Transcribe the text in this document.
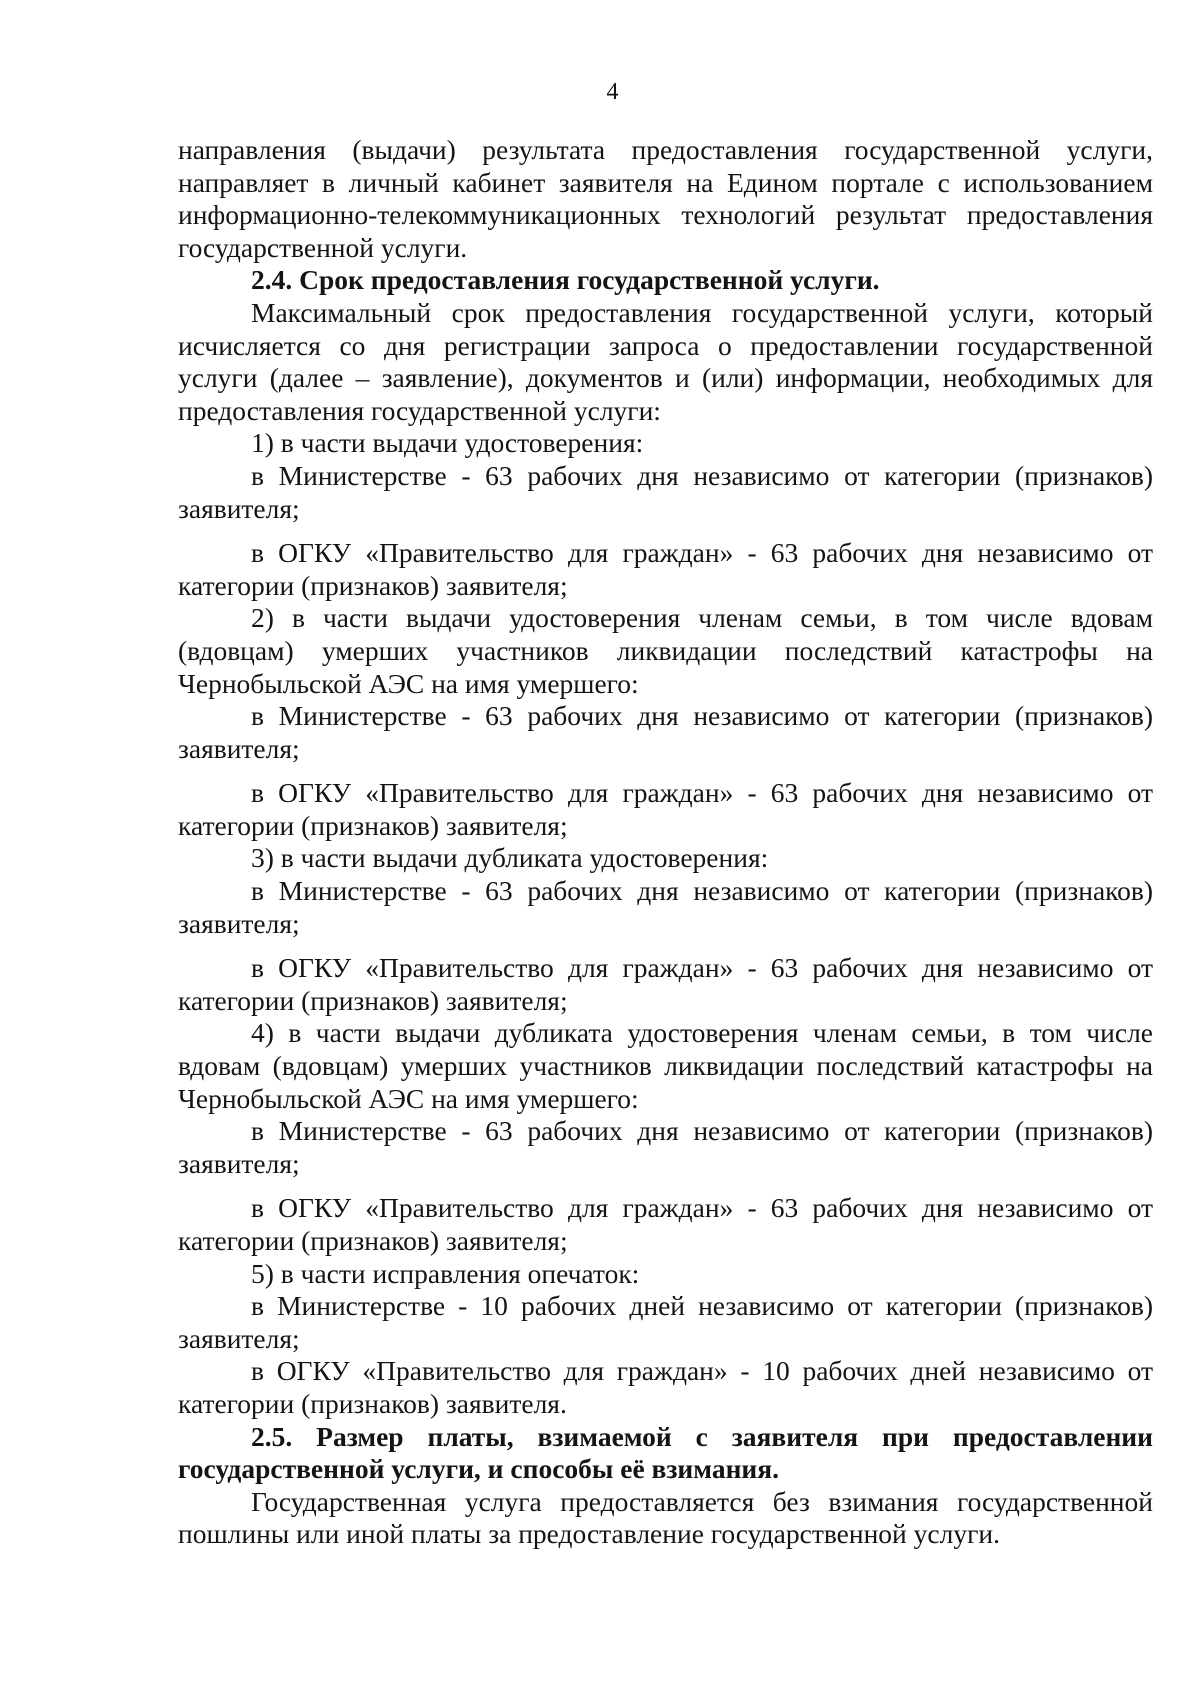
4

направления (выдачи) результата предоставления государственной услуги, направляет в личный кабинет заявителя на Едином портале с использованием информационно-телекоммуникационных технологий результат предоставления государственной услуги.

2.4. Срок предоставления государственной услуги.

Максимальный срок предоставления государственной услуги, который исчисляется со дня регистрации запроса о предоставлении государственной услуги (далее – заявление), документов и (или) информации, необходимых для предоставления государственной услуги:

1) в части выдачи удостоверения:

в Министерстве - 63 рабочих дня независимо от категории (признаков) заявителя;

в ОГКУ «Правительство для граждан» - 63 рабочих дня независимо от категории (признаков) заявителя;

2) в части выдачи удостоверения членам семьи, в том числе вдовам (вдовцам) умерших участников ликвидации последствий катастрофы на Чернобыльской АЭС на имя умершего:

в Министерстве - 63 рабочих дня независимо от категории (признаков) заявителя;

в ОГКУ «Правительство для граждан» - 63 рабочих дня независимо от категории (признаков) заявителя;

3) в части выдачи дубликата удостоверения:

в Министерстве - 63 рабочих дня независимо от категории (признаков) заявителя;

в ОГКУ «Правительство для граждан» - 63 рабочих дня независимо от категории (признаков) заявителя;

4) в части выдачи дубликата удостоверения членам семьи, в том числе вдовам (вдовцам) умерших участников ликвидации последствий катастрофы на Чернобыльской АЭС на имя умершего:

в Министерстве - 63 рабочих дня независимо от категории (признаков) заявителя;

в ОГКУ «Правительство для граждан» - 63 рабочих дня независимо от категории (признаков) заявителя;

5) в части исправления опечаток:

в Министерстве - 10 рабочих дней независимо от категории (признаков) заявителя;

в ОГКУ «Правительство для граждан» - 10 рабочих дней независимо от категории (признаков) заявителя.

2.5. Размер платы, взимаемой с заявителя при предоставлении государственной услуги, и способы её взимания.

Государственная услуга предоставляется без взимания государственной пошлины или иной платы за предоставление государственной услуги.
